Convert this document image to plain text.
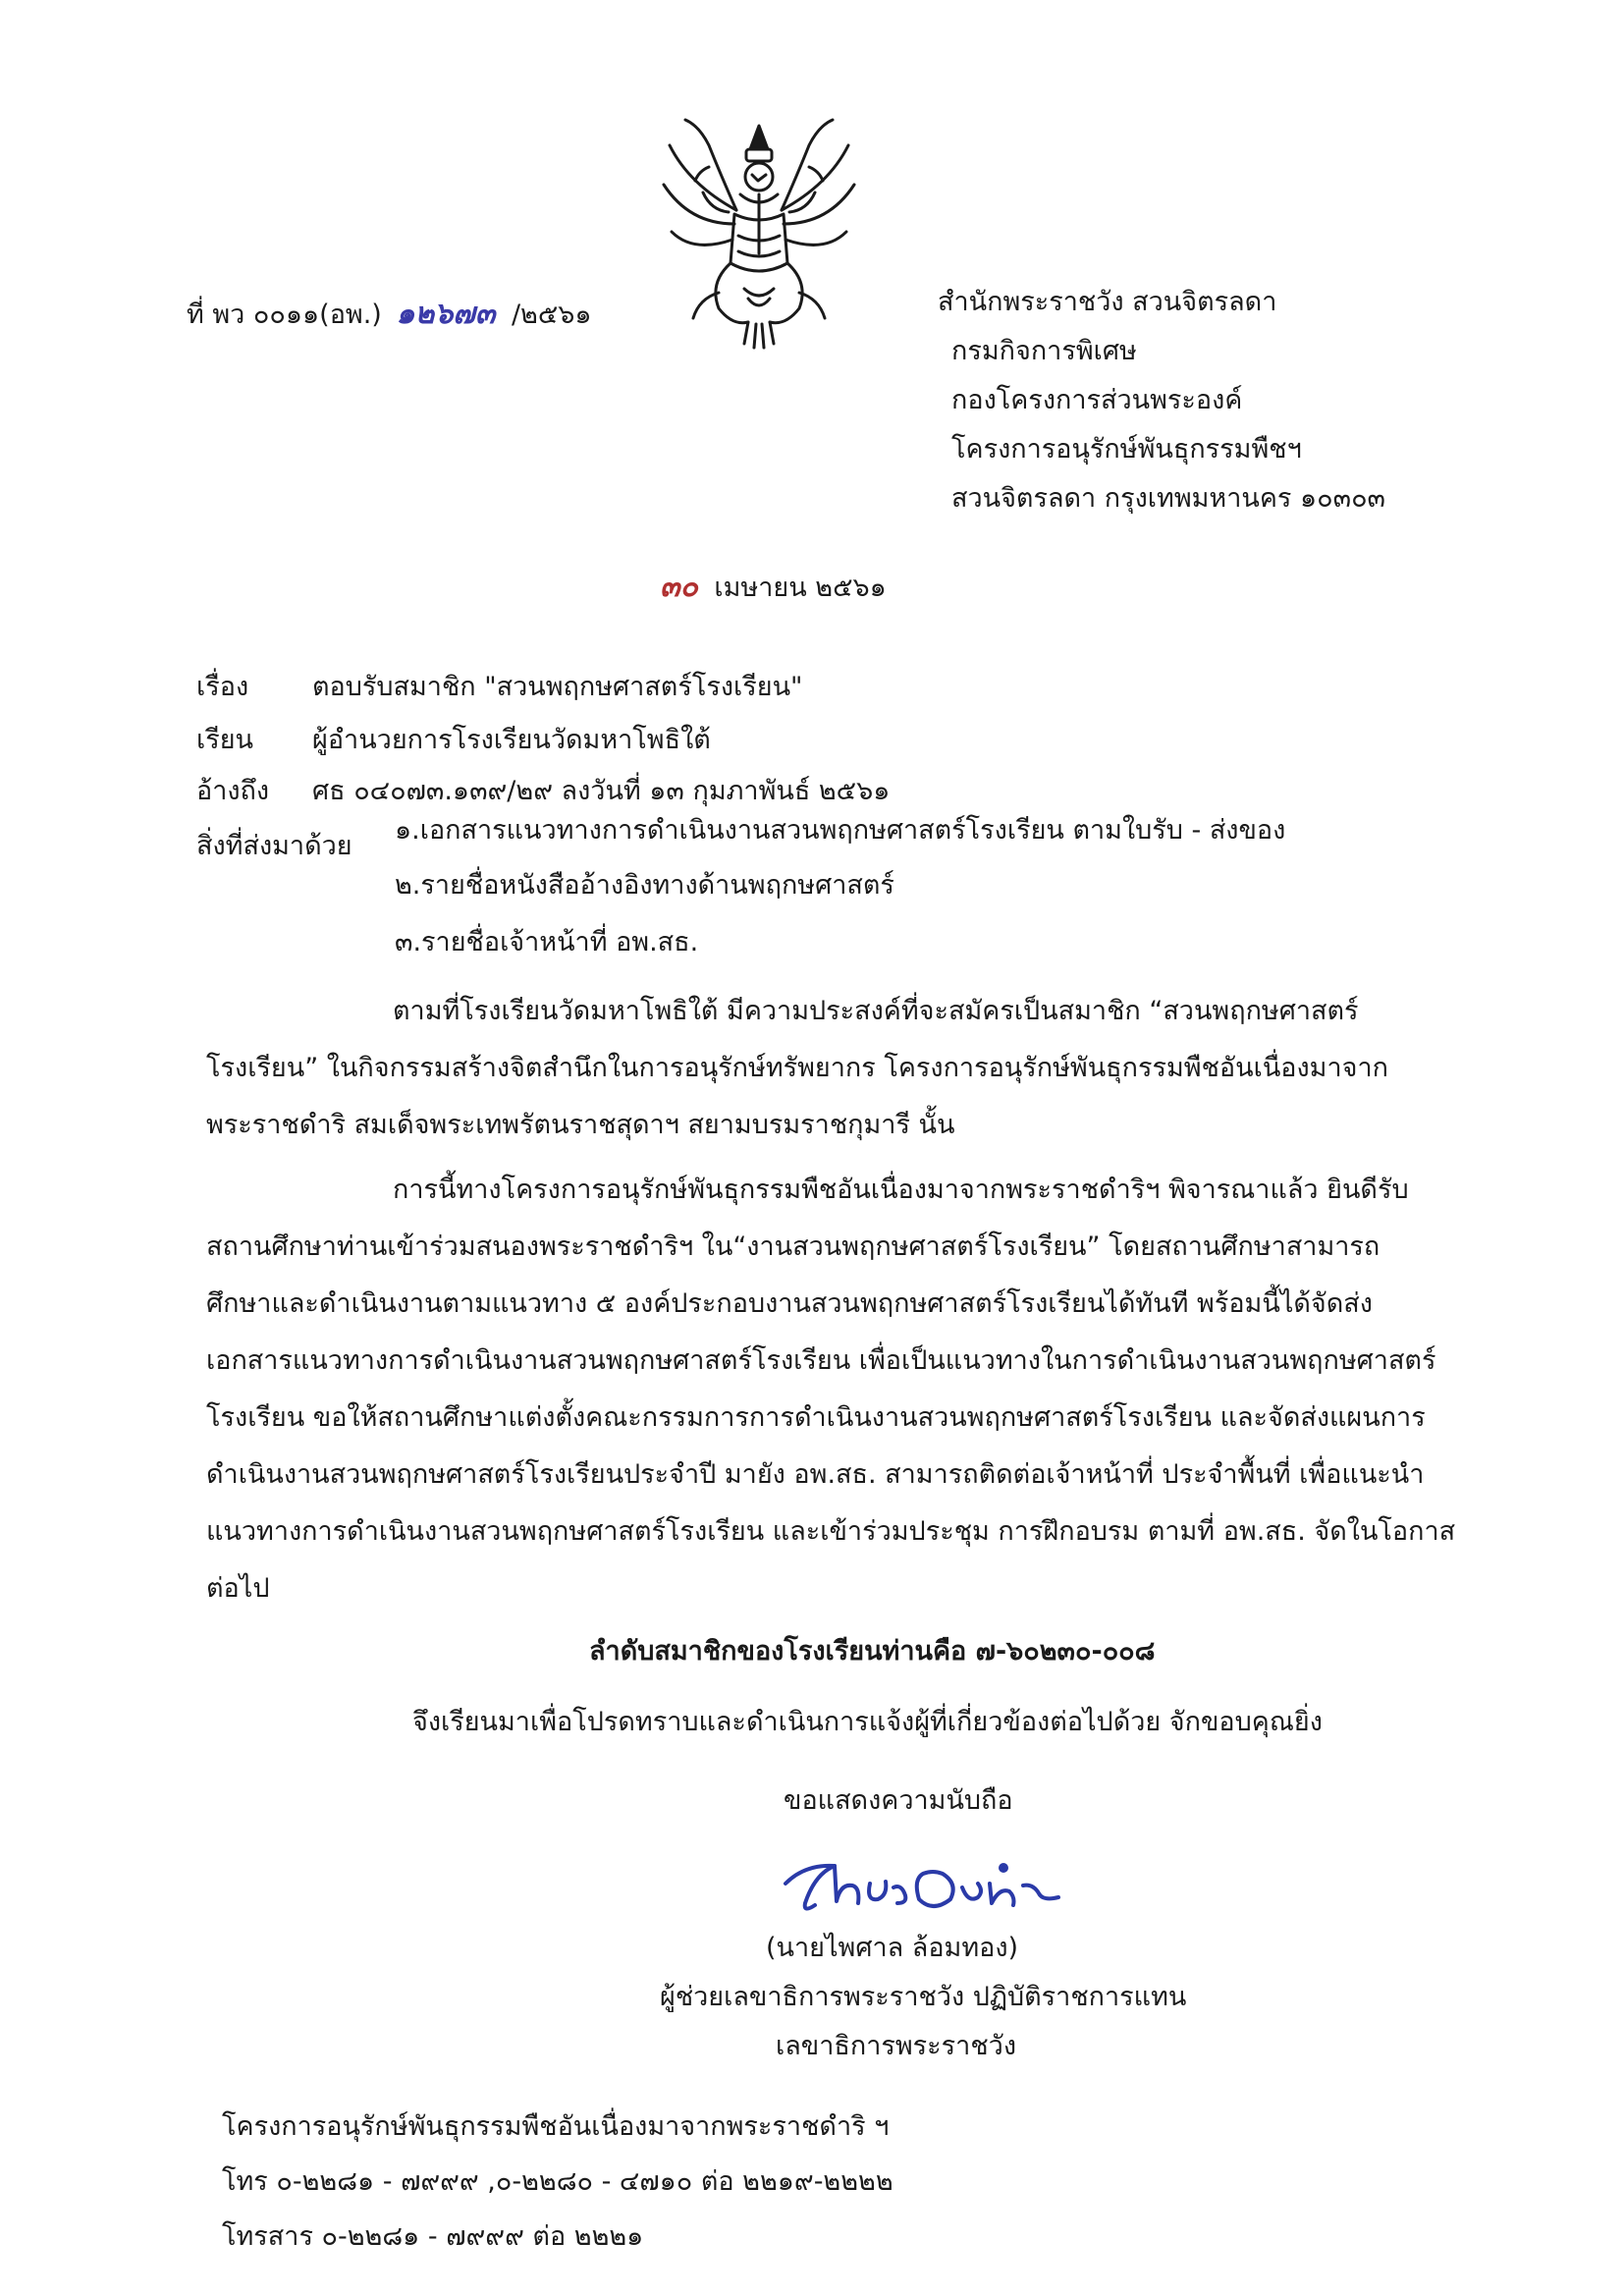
ที่ พว ๐๐๑๑(อพ.) ๑๒๖๗๓ /๒๕๖๑	สำนักพระราชวัง สวนจิตรลดา
กรมกิจการพิเศษ
กองโครงการส่วนพระองค์
โครงการอนุรักษ์พันธุกรรมพืชฯ
สวนจิตรลดา กรุงเทพมหานคร ๑๐๓๐๓
๓๐ เมษายน ๒๕๖๑
เรื่อง ตอบรับสมาชิก "สวนพฤกษศาสตร์โรงเรียน"
เรียน ผู้อำนวยการโรงเรียนวัดมหาโพธิใต้
อ้างถึง ศธ ๐๔๐๗๓.๑๓๙/๒๙ ลงวันที่ ๑๓ กุมภาพันธ์ ๒๕๖๑
สิ่งที่ส่งมาด้วย
๑.เอกสารแนวทางการดำเนินงานสวนพฤกษศาสตร์โรงเรียน ตามใบรับ - ส่งของ
๒.รายชื่อหนังสืออ้างอิงทางด้านพฤกษศาสตร์
๓.รายชื่อเจ้าหน้าที่ อพ.สธ.
ตามที่โรงเรียนวัดมหาโพธิใต้ มีความประสงค์ที่จะสมัครเป็นสมาชิก “สวนพฤกษศาสตร์
โรงเรียน” ในกิจกรรมสร้างจิตสำนึกในการอนุรักษ์ทรัพยากร โครงการอนุรักษ์พันธุกรรมพืชอันเนื่องมาจาก
พระราชดำริ สมเด็จพระเทพรัตนราชสุดาฯ สยามบรมราชกุมารี นั้น
การนี้ทางโครงการอนุรักษ์พันธุกรรมพืชอันเนื่องมาจากพระราชดำริฯ พิจารณาแล้ว ยินดีรับ
สถานศึกษาท่านเข้าร่วมสนองพระราชดำริฯ ใน“งานสวนพฤกษศาสตร์โรงเรียน” โดยสถานศึกษาสามารถ
ศึกษาและดำเนินงานตามแนวทาง ๕ องค์ประกอบงานสวนพฤกษศาสตร์โรงเรียนได้ทันที พร้อมนี้ได้จัดส่ง
เอกสารแนวทางการดำเนินงานสวนพฤกษศาสตร์โรงเรียน เพื่อเป็นแนวทางในการดำเนินงานสวนพฤกษศาสตร์
โรงเรียน ขอให้สถานศึกษาแต่งตั้งคณะกรรมการการดำเนินงานสวนพฤกษศาสตร์โรงเรียน และจัดส่งแผนการ
ดำเนินงานสวนพฤกษศาสตร์โรงเรียนประจำปี มายัง อพ.สธ. สามารถติดต่อเจ้าหน้าที่ ประจำพื้นที่ เพื่อแนะนำ
แนวทางการดำเนินงานสวนพฤกษศาสตร์โรงเรียน และเข้าร่วมประชุม การฝึกอบรม ตามที่ อพ.สธ. จัดในโอกาส
ต่อไป
ลำดับสมาชิกของโรงเรียนท่านคือ ๗-๖๐๒๓๐-๐๐๘
จึงเรียนมาเพื่อโปรดทราบและดำเนินการแจ้งผู้ที่เกี่ยวข้องต่อไปด้วย จักขอบคุณยิ่ง
ขอแสดงความนับถือ
(นายไพศาล ล้อมทอง)
ผู้ช่วยเลขาธิการพระราชวัง ปฏิบัติราชการแทน
เลขาธิการพระราชวัง
โครงการอนุรักษ์พันธุกรรมพืชอันเนื่องมาจากพระราชดำริ ฯ
โทร ๐-๒๒๘๑ - ๗๙๙๙ ,๐-๒๒๘๐ - ๔๗๑๐ ต่อ ๒๒๑๙-๒๒๒๒
โทรสาร ๐-๒๒๘๑ - ๗๙๙๙ ต่อ ๒๒๒๑
